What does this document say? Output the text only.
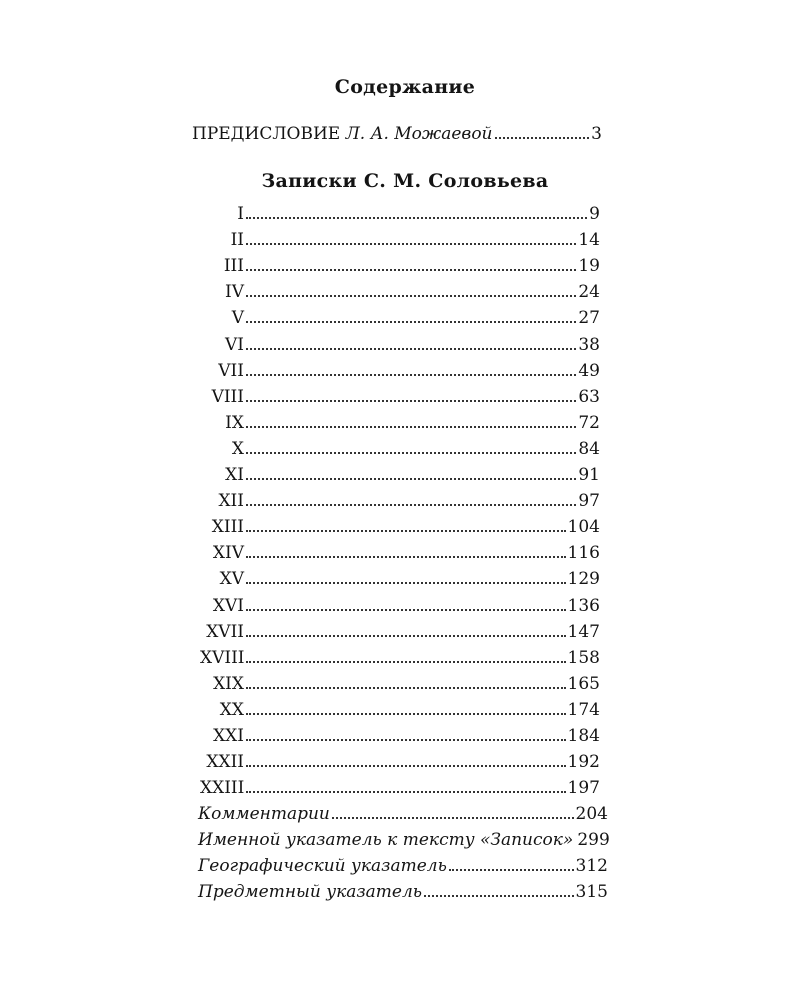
Содержание
ПРЕДИСЛОВИЕ Л. А. Можаевой	3
Записки С. М. Соловьева
I	9
II	14
III	19
IV	24
V	27
VI	38
VII	49
VIII	63
IX	72
X	84
XI	91
XII	97
XIII	104
XIV	116
XV	129
XVI	136
XVII	147
XVIII	158
XIX	165
XX	174
XXI	184
XXII	192
XXIII	197
Комментарии	204
Именной указатель к тексту «Записок» 299
Географический указатель	312
Предметный указатель	315
